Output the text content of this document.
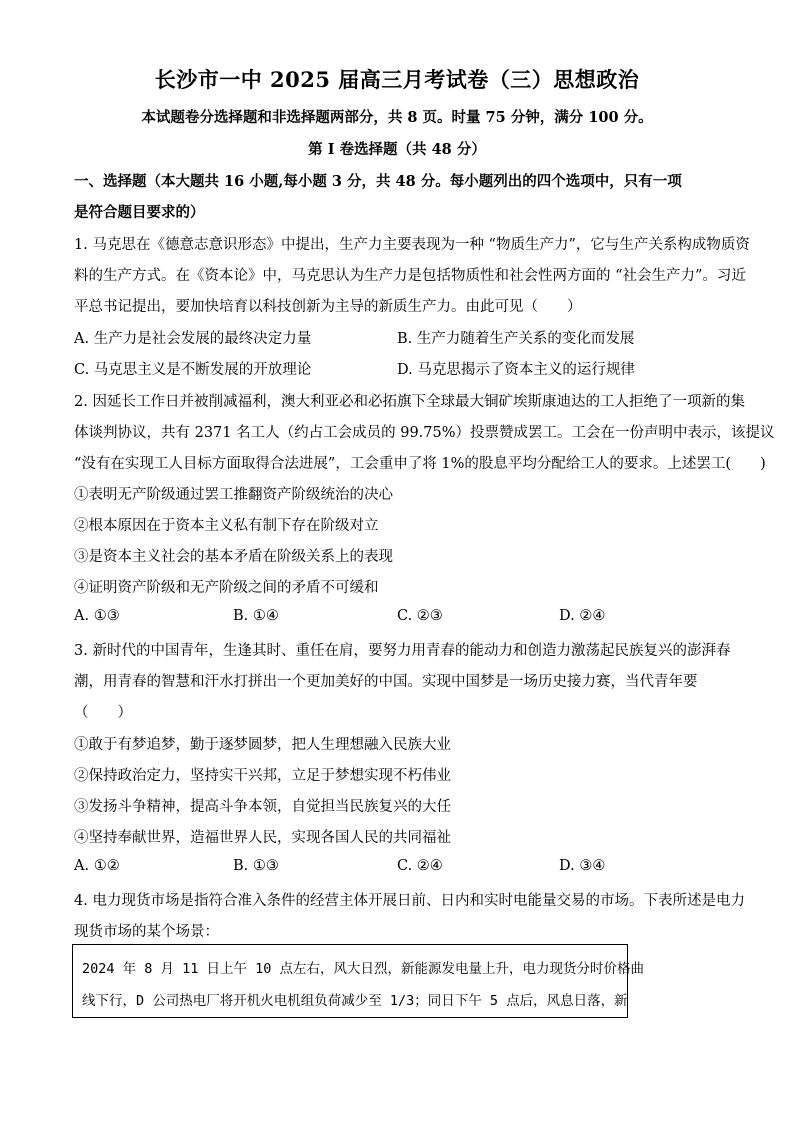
长沙市一中 2025 届高三月考试卷（三）思想政治
本试题卷分选择题和非选择题两部分，共 8 页。时量 75 分钟，满分 100 分。
第 I 卷选择题（共 48 分）
一、选择题（本大题共 16 小题,每小题 3 分，共 48 分。每小题列出的四个选项中，只有一项
是符合题目要求的）
1. 马克思在《德意志意识形态》中提出，生产力主要表现为一种 “物质生产力”，它与生产关系构成物质资
料的生产方式。在《资本论》中，马克思认为生产力是包括物质性和社会性两方面的 “社会生产力”。习近
平总书记提出，要加快培育以科技创新为主导的新质生产力。由此可见（　　）
A. 生产力是社会发展的最终决定力量	B. 生产力随着生产关系的变化而发展
C. 马克思主义是不断发展的开放理论	D. 马克思揭示了资本主义的运行规律
2. 因延长工作日并被削减福利，澳大利亚必和必拓旗下全球最大铜矿埃斯康迪达的工人拒绝了一项新的集
体谈判协议，共有 2371 名工人（约占工会成员的 99.75%）投票赞成罢工。工会在一份声明中表示，该提议
“没有在实现工人目标方面取得合法进展”，工会重申了将 1%的股息平均分配给工人的要求。上述罢工(　　)
①表明无产阶级通过罢工推翻资产阶级统治的决心
②根本原因在于资本主义私有制下存在阶级对立
③是资本主义社会的基本矛盾在阶级关系上的表现
④证明资产阶级和无产阶级之间的矛盾不可缓和
A. ①③	B. ①④	C. ②③	D. ②④
3. 新时代的中国青年，生逢其时、重任在肩，要努力用青春的能动力和创造力激荡起民族复兴的澎湃春
潮，用青春的智慧和汗水打拼出一个更加美好的中国。实现中国梦是一场历史接力赛，当代青年要
（　　）
①敢于有梦追梦，勤于逐梦圆梦，把人生理想融入民族大业
②保持政治定力，坚持实干兴邦，立足于梦想实现不朽伟业
③发扬斗争精神，提高斗争本领，自觉担当民族复兴的大任
④坚持奉献世界，造福世界人民，实现各国人民的共同福祉
A. ①②	B. ①③	C. ②④	D. ③④
4. 电力现货市场是指符合准入条件的经营主体开展日前、日内和实时电能量交易的市场。下表所述是电力
现货市场的某个场景：
2024 年 8 月 11 日上午 10 点左右，风大日烈，新能源发电量上升，电力现货分时价格曲
线下行，D 公司热电厂将开机火电机组负荷减少至 1/3；同日下午 5 点后，风息日落，新
